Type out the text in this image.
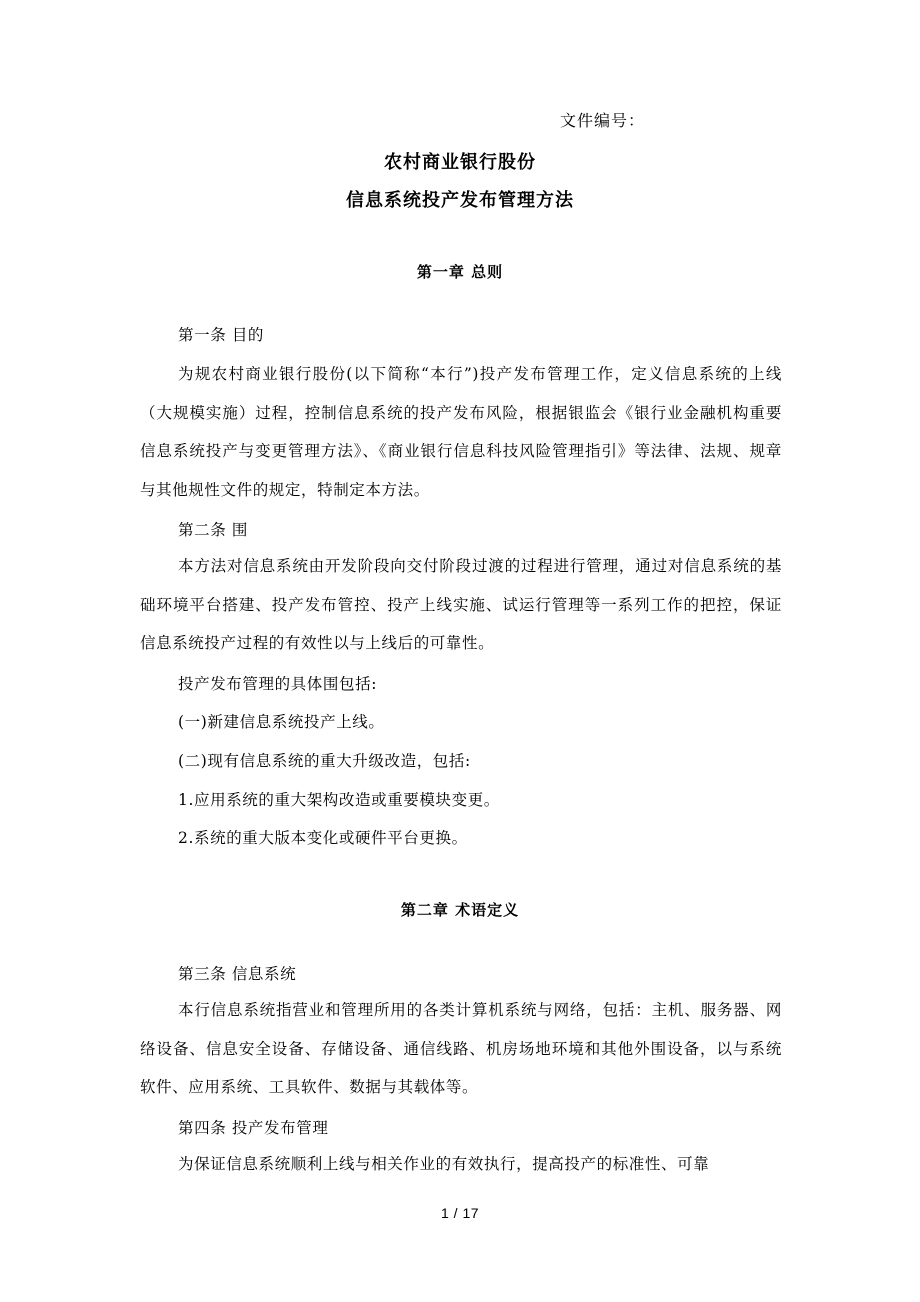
文件编号：
农村商业银行股份
信息系统投产发布管理方法
第一章 总则
第一条 目的

为规农村商业银行股份(以下简称“本行”)投产发布管理工作，定义信息系统的上线（大规模实施）过程，控制信息系统的投产发布风险，根据银监会《银行业金融机构重要信息系统投产与变更管理方法》、《商业银行信息科技风险管理指引》等法律、法规、规章与其他规性文件的规定，特制定本方法。

第二条 围

本方法对信息系统由开发阶段向交付阶段过渡的过程进行管理，通过对信息系统的基础环境平台搭建、投产发布管控、投产上线实施、试运行管理等一系列工作的把控，保证信息系统投产过程的有效性以与上线后的可靠性。

投产发布管理的具体围包括:
(一)新建信息系统投产上线。
(二)现有信息系统的重大升级改造，包括:
1.应用系统的重大架构改造或重要模块变更。
2.系统的重大版本变化或硬件平台更换。
第二章 术语定义
第三条 信息系统

本行信息系统指营业和管理所用的各类计算机系统与网络，包括：主机、服务器、网络设备、信息安全设备、存储设备、通信线路、机房场地环境和其他外围设备，以与系统软件、应用系统、工具软件、数据与其载体等。

第四条 投产发布管理

为保证信息系统顺利上线与相关作业的有效执行，提高投产的标准性、可靠

1 / 17
